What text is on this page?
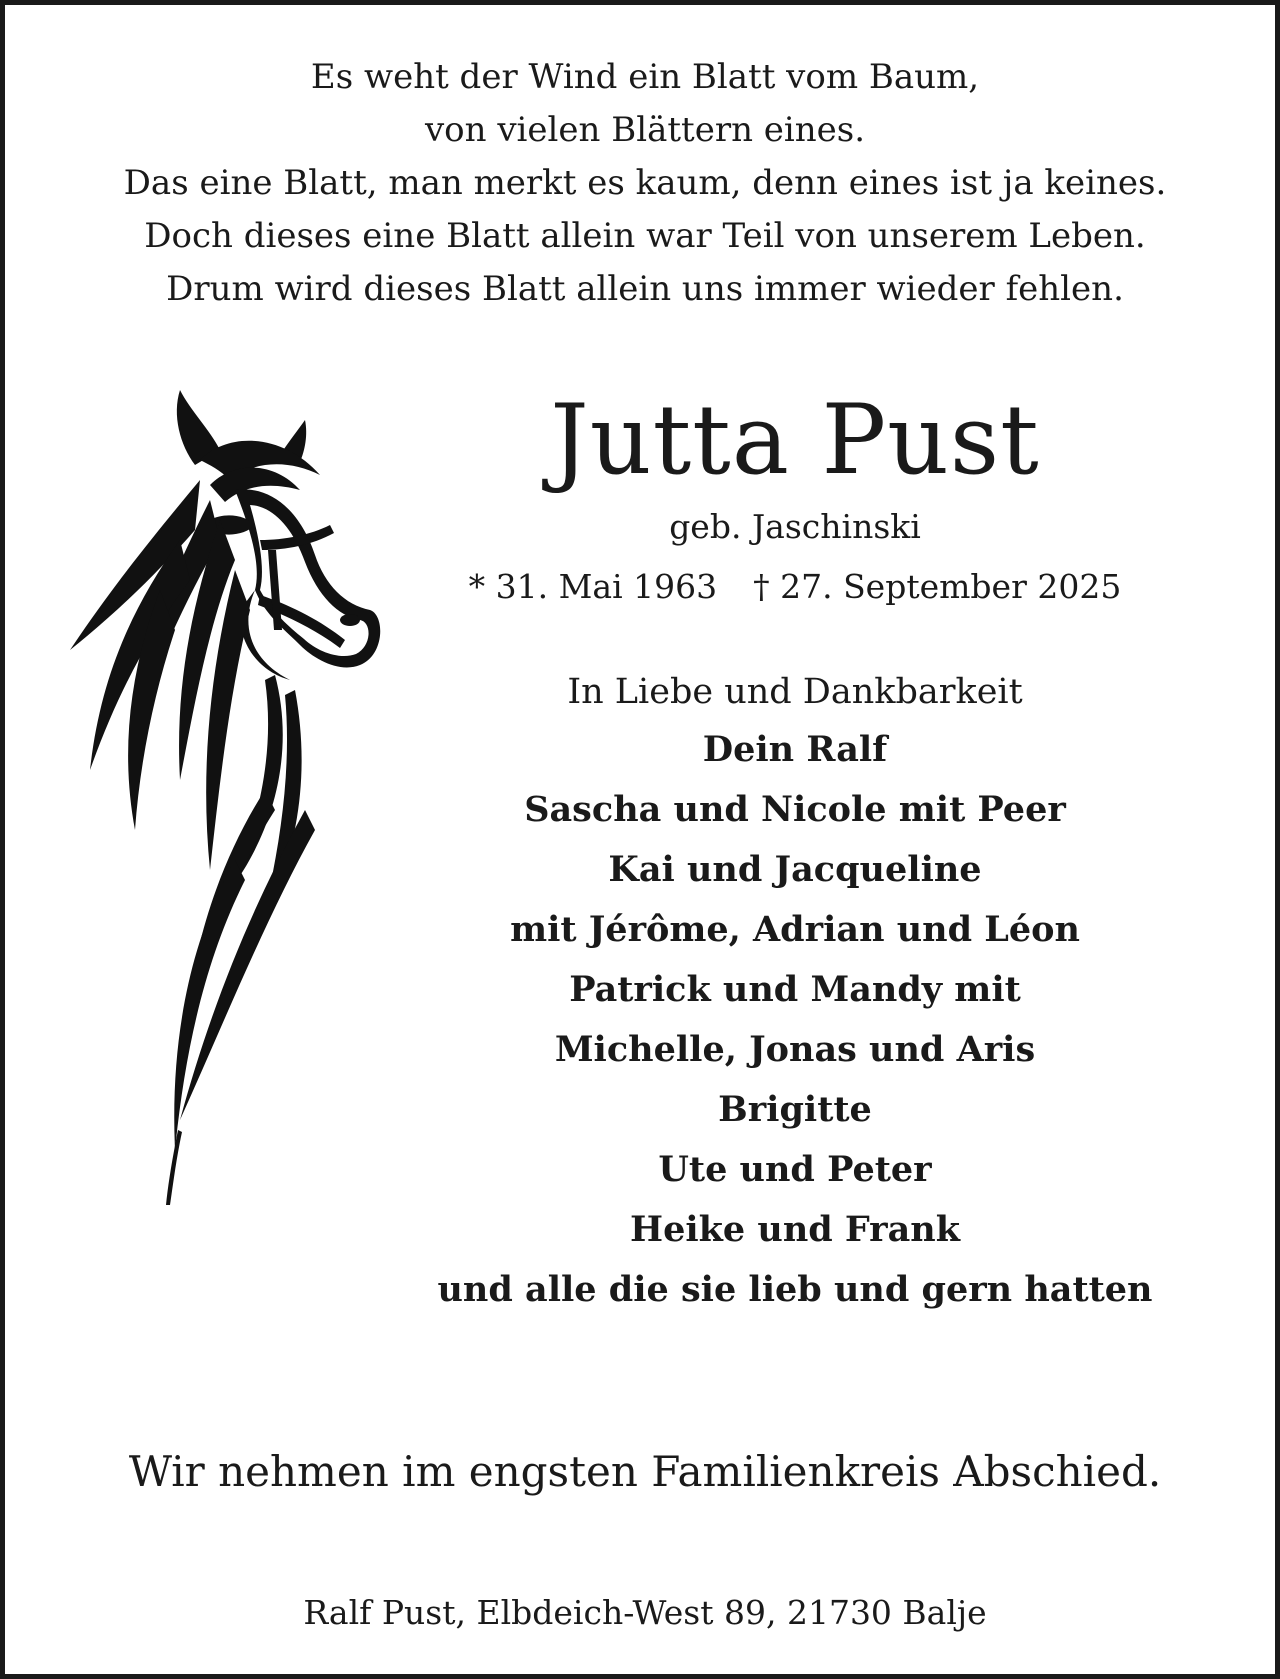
Es weht der Wind ein Blatt vom Baum,
von vielen Blättern eines.
Das eine Blatt, man merkt es kaum, denn eines ist ja keines.
Doch dieses eine Blatt allein war Teil von unserem Leben.
Drum wird dieses Blatt allein uns immer wieder fehlen.
Jutta Pust
geb. Jaschinski
* 31. Mai 1963 † 27. September 2025
In Liebe und Dankbarkeit
Dein Ralf
Sascha und Nicole mit Peer
Kai und Jacqueline
mit Jérôme, Adrian und Léon
Patrick und Mandy mit
Michelle, Jonas und Aris
Brigitte
Ute und Peter
Heike und Frank
und alle die sie lieb und gern hatten
Wir nehmen im engsten Familienkreis Abschied.
Ralf Pust, Elbdeich-West 89, 21730 Balje
